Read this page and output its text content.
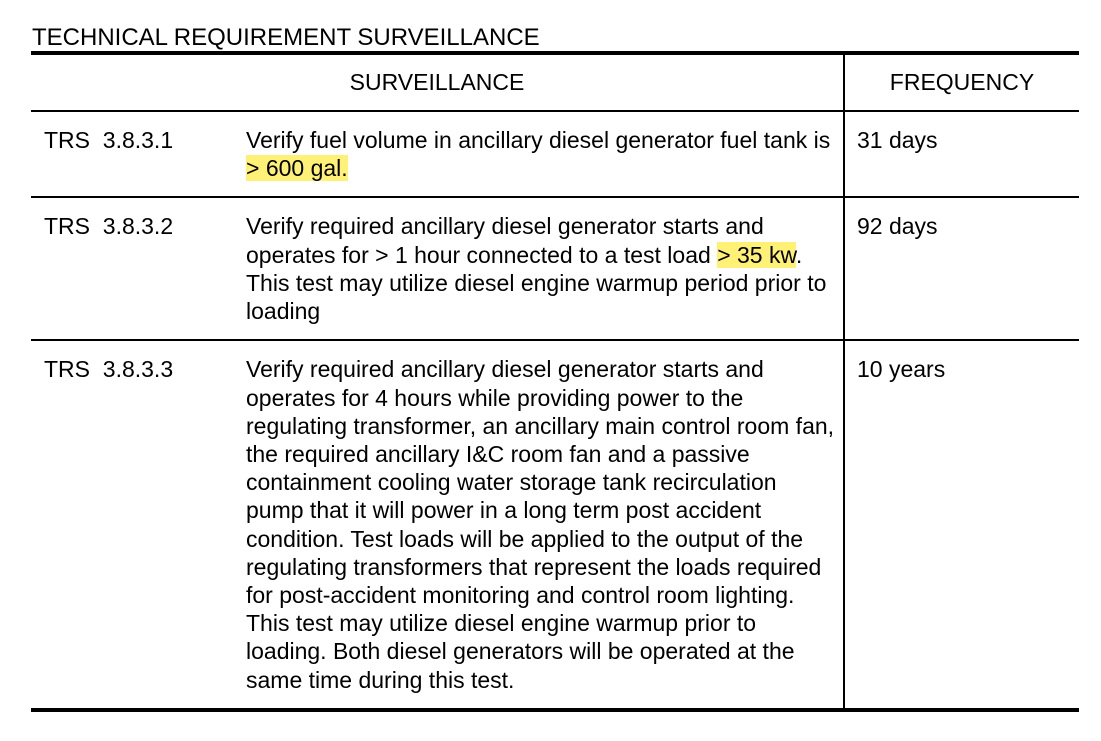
TECHNICAL REQUIREMENT SURVEILLANCE
SURVEILLANCE	FREQUENCY

TRS  3.8.3.1 Verify fuel volume in ancillary diesel generator fuel tank is > 600 gal.	31 days

TRS  3.8.3.2 Verify required ancillary diesel generator starts and operates for > 1 hour connected to a test load > 35 kw. This test may utilize diesel engine warmup period prior to loading	92 days

TRS  3.8.3.3 Verify required ancillary diesel generator starts and operates for 4 hours while providing power to the regulating transformer, an ancillary main control room fan, the required ancillary I&C room fan and a passive containment cooling water storage tank recirculation pump that it will power in a long term post accident condition. Test loads will be applied to the output of the regulating transformers that represent the loads required for post-accident monitoring and control room lighting. This test may utilize diesel engine warmup prior to loading. Both diesel generators will be operated at the same time during this test.	10 years
